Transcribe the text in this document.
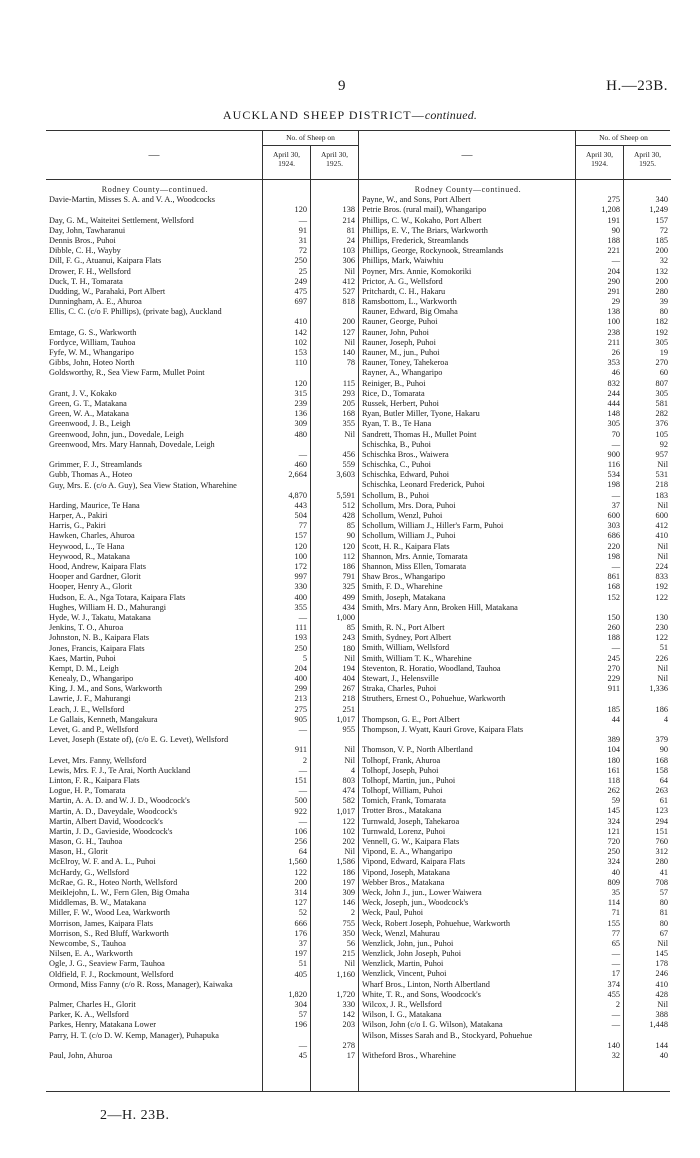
9	H.—23B.
AUCKLAND SHEEP DISTRICT—continued.
—
No. of Sheep on
April 30,
1924.
April 30,
1925.
Rodney County—continued.
Davie-Martin, Misses S. A. and V. A., Woodcocks
120	138
Day, G. M., Waiteitei Settlement, Wellsford	—	214
Day, John, Tawharanui	91	81
Dennis Bros., Puhoi	31	24
Dibble, C. H., Wayby	72	103
Dill, F. G., Atuanui, Kaipara Flats	250	306
Drower, F. H., Wellsford	25	Nil
Duck, T. H., Tomarata	249	412
Dudding, W., Parahaki, Port Albert	475	527
Dunningham, A. E., Ahuroa	697	818
Ellis, C. C. (c/o F. Phillips), (private bag), Auckland
410	200
Emtage, G. S., Warkworth	142	127
Fordyce, William, Tauhoa	102	Nil
Fyfe, W. M., Whangaripo	153	140
Gibbs, John, Hoteo North	110	78
Goldsworthy, R., Sea View Farm, Mullet Point
120	115
Grant, J. V., Kokako	315	293
Green, G. T., Matakana	239	205
Green, W. A., Matakana	136	168
Greenwood, J. B., Leigh	309	355
Greenwood, John, jun., Dovedale, Leigh	480	Nil
Greenwood, Mrs. Mary Hannah, Dovedale, Leigh
—	456
Grimmer, F. J., Streamlands	460	559
Gubb, Thomas A., Hoteo	2,664	3,603
Guy, Mrs. E. (c/o A. Guy), Sea View Station, Wharehine
4,870	5,591
Harding, Maurice, Te Hana	443	512
Harper, A., Pakiri	504	428
Harris, G., Pakiri	77	85
Hawken, Charles, Ahuroa	157	90
Heywood, L., Te Hana	120	120
Heywood, R., Matakana	100	112
Hood, Andrew, Kaipara Flats	172	186
Hooper and Gardner, Glorit	997	791
Hooper, Henry A., Glorit	330	325
Hudson, E. A., Nga Totara, Kaipara Flats	400	499
Hughes, William H. D., Mahurangi	355	434
Hyde, W. J., Takatu, Matakana	—	1,000
Jenkins, T. O., Ahuroa	111	85
Johnston, N. B., Kaipara Flats	193	243
Jones, Francis, Kaipara Flats	250	180
Kaes, Martin, Puhoi	5	Nil
Kempt, D. M., Leigh	204	194
Kenealy, D., Whangaripo	400	404
King, J. M., and Sons, Warkworth	299	267
Lawrie, J. F., Mahurangi	213	218
Leach, J. E., Wellsford	275	251
Le Gallais, Kenneth, Mangakura	905	1,017
Levet, G. and P., Wellsford	—	955
Levet, Joseph (Estate of), (c/o E. G. Levet), Wellsford
911	Nil
Levet, Mrs. Fanny, Wellsford	2	Nil
Lewis, Mrs. F. J., Te Arai, North Auckland	—	4
Linton, F. R., Kaipara Flats	151	803
Logue, H. P., Tomarata	—	474
Martin, A. A. D. and W. J. D., Woodcock's	500	582
Martin, A. D., Daveydale, Woodcock's	922	1,017
Martin, Albert David, Woodcock's	—	122
Martin, J. D., Gavieside, Woodcock's	106	102
Mason, G. H., Tauhoa	256	202
Mason, H., Glorit	64	Nil
McElroy, W. F. and A. L., Puhoi	1,560	1,586
McHardy, G., Wellsford	122	186
McRae, G. R., Hoteo North, Wellsford	200	197
Meiklejohn, L. W., Fern Glen, Big Omaha	314	309
Middlemas, B. W., Matakana	127	146
Miller, F. W., Wood Lea, Warkworth	52	2
Morrison, James, Kaipara Flats	666	755
Morrison, S., Red Bluff, Warkworth	176	350
Newcombe, S., Tauhoa	37	56
Nilsen, E. A., Warkworth	197	215
Ogle, J. G., Seaview Farm, Tauhoa	51	Nil
Oldfield, F. J., Rockmount, Wellsford	405	1,160
Ormond, Miss Fanny (c/o R. Ross, Manager), Kaiwaka
1,820	1,720
Palmer, Charles H., Glorit	304	330
Parker, K. A., Wellsford	57	142
Parkes, Henry, Matakana Lower	196	203
Parry, H. T. (c/o D. W. Kemp, Manager), Puhapuka
—	278
Paul, John, Ahuroa	45	17
—
No. of Sheep on
April 30,
1924.
April 30,
1925.
Rodney County—continued.
Payne, W., and Sons, Port Albert	275	340
Petrie Bros. (rural mail), Whangaripo	1,208	1,249
Phillips, C. W., Kokaho, Port Albert	191	157
Phillips, E. V., The Briars, Warkworth	90	72
Phillips, Frederick, Streamlands	188	185
Phillips, George, Rockynook, Streamlands	221	200
Phillips, Mark, Waiwhiu	—	32
Poyner, Mrs. Annie, Komokoriki	204	132
Prictor, A. G., Wellsford	290	200
Pritchardt, C. H., Hakaru	291	280
Ramsbottom, L., Warkworth	29	39
Rauner, Edward, Big Omaha	138	80
Rauner, George, Puhoi	100	182
Rauner, John, Puhoi	238	192
Rauner, Joseph, Puhoi	211	305
Rauner, M., jun., Puhoi	26	19
Rauner, Toney, Tahekeroa	353	270
Rayner, A., Whangaripo	46	60
Reiniger, B., Puhoi	832	807
Rice, D., Tomarata	244	305
Russek, Herbert, Puhoi	444	581
Ryan, Butler Miller, Tyone, Hakaru	148	282
Ryan, T. B., Te Hana	305	376
Sandrett, Thomas H., Mullet Point	70	105
Schischka, B., Puhoi	—	92
Schischka Bros., Waiwera	900	957
Schischka, C., Puhoi	116	Nil
Schischka, Edward, Puhoi	534	531
Schischka, Leonard Frederick, Puhoi	198	218
Schollum, B., Puhoi	—	183
Schollum, Mrs. Dora, Puhoi	37	Nil
Schollum, Wenzl, Puhoi	600	600
Schollum, William J., Hiller's Farm, Puhoi	303	412
Schollum, William J., Puhoi	686	410
Scott, H. R., Kaipara Flats	220	Nil
Shannon, Mrs. Annie, Tomarata	198	Nil
Shannon, Miss Ellen, Tomarata	—	224
Shaw Bros., Whangaripo	861	833
Smith, F. D., Wharehine	168	192
Smith, Joseph, Matakana	152	122
Smith, Mrs. Mary Ann, Broken Hill, Matakana
150	130
Smith, R. N., Port Albert	260	230
Smith, Sydney, Port Albert	188	122
Smith, William, Wellsford	—	51
Smith, William T. K., Wharehine	245	226
Steventon, R. Horatio, Woodland, Tauhoa	270	Nil
Stewart, J., Helensville	229	Nil
Straka, Charles, Puhoi	911	1,336
Struthers, Ernest O., Pohuehue, Warkworth
185	186
Thompson, G. E., Port Albert	44	4
Thompson, J. Wyatt, Kauri Grove, Kaipara Flats
389	379
Thomson, V. P., North Albertland	104	90
Tolhopf, Frank, Ahuroa	180	168
Tolhopf, Joseph, Puhoi	161	158
Tolhopf, Martin, jun., Puhoi	118	64
Tolhopf, William, Puhoi	262	263
Tomich, Frank, Tomarata	59	61
Trotter Bros., Matakana	145	123
Turnwald, Joseph, Tahekaroa	324	294
Turnwald, Lorenz, Puhoi	121	151
Vennell, G. W., Kaipara Flats	720	760
Vipond, E. A., Whangaripo	250	312
Vipond, Edward, Kaipara Flats	324	280
Vipond, Joseph, Matakana	40	41
Webber Bros., Matakana	809	708
Weck, John J., jun., Lower Waiwera	35	57
Weck, Joseph, jun., Woodcock's	114	80
Weck, Paul, Puhoi	71	81
Weck, Robert Joseph, Pohuehue, Warkworth	155	80
Weck, Wenzl, Mahurau	77	67
Wenzlick, John, jun., Puhoi	65	Nil
Wenzlick, John Joseph, Puhoi	—	145
Wenzlick, Martin, Puhoi	—	178
Wenzlick, Vincent, Puhoi	17	246
Wharf Bros., Linton, North Albertland	374	410
White, T. R., and Sons, Woodcock's	455	428
Wilcox, J. R., Wellsford	2	Nil
Wilson, I. G., Matakana	—	388
Wilson, John (c/o I. G. Wilson), Matakana	—	1,448
Wilson, Misses Sarah and B., Stockyard, Pohuehue
140	144
Witheford Bros., Wharehine	32	40
2—H. 23B.
